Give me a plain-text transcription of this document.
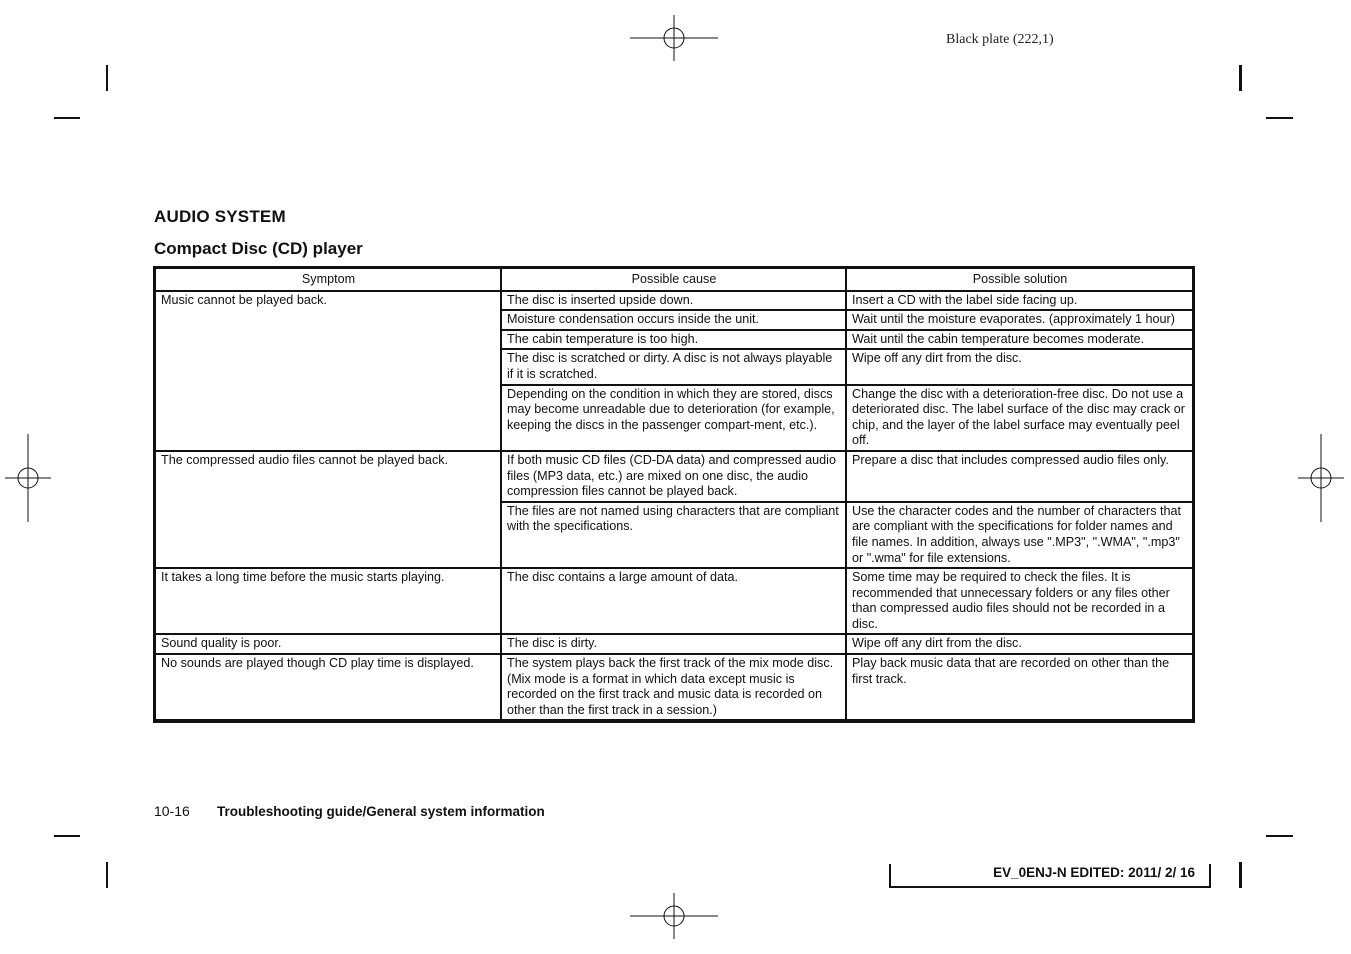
Black plate (222,1)
AUDIO SYSTEM
Compact Disc (CD) player
Symptom	Possible cause	Possible solution
Music cannot be played back.	The disc is inserted upside down.	Insert a CD with the label side facing up.
	Moisture condensation occurs inside the unit.	Wait until the moisture evaporates. (approximately 1 hour)
	The cabin temperature is too high.	Wait until the cabin temperature becomes moderate.
	The disc is scratched or dirty. A disc is not always playable if it is scratched.	Wipe off any dirt from the disc.
	Depending on the condition in which they are stored, discs may become unreadable due to deterioration (for example, keeping the discs in the passenger compart-ment, etc.).	Change the disc with a deterioration-free disc. Do not use a deteriorated disc. The label surface of the disc may crack or chip, and the layer of the label surface may eventually peel off.
The compressed audio files cannot be played back.	If both music CD files (CD-DA data) and compressed audio files (MP3 data, etc.) are mixed on one disc, the audio compression files cannot be played back.	Prepare a disc that includes compressed audio files only.
	The files are not named using characters that are compliant with the specifications.	Use the character codes and the number of characters that are compliant with the specifications for folder names and file names. In addition, always use ".MP3", ".WMA", ".mp3" or ".wma" for file extensions.
It takes a long time before the music starts playing.	The disc contains a large amount of data.	Some time may be required to check the files. It is recommended that unnecessary folders or any files other than compressed audio files should not be recorded in a disc.
Sound quality is poor.	The disc is dirty.	Wipe off any dirt from the disc.
No sounds are played though CD play time is displayed.	The system plays back the first track of the mix mode disc. (Mix mode is a format in which data except music is recorded on the first track and music data is recorded on other than the first track in a session.)	Play back music data that are recorded on other than the first track.
10-16 Troubleshooting guide/General system information
EV_0ENJ-N EDITED: 2011/ 2/ 16
